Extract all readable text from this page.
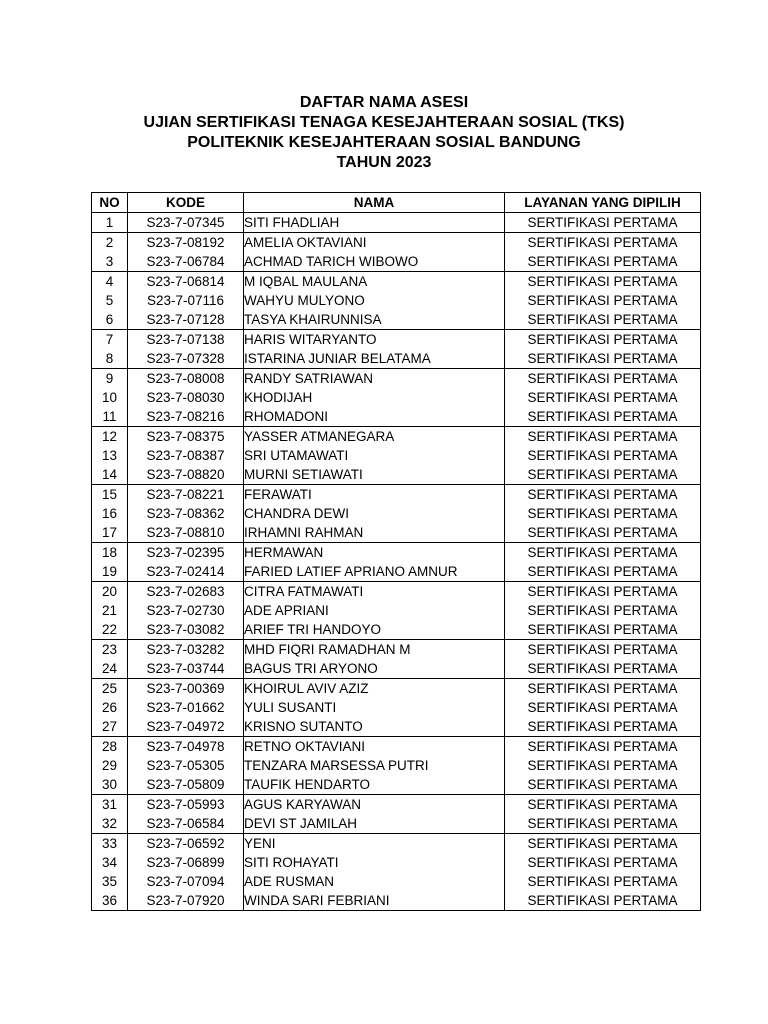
DAFTAR NAMA ASESI
UJIAN SERTIFIKASI TENAGA KESEJAHTERAAN SOSIAL (TKS)
POLITEKNIK KESEJAHTERAAN SOSIAL BANDUNG
TAHUN 2023
NO	KODE	NAMA	LAYANAN YANG DIPILIH
1	S23-7-07345	SITI FHADLIAH	SERTIFIKASI PERTAMA
2	S23-7-08192	AMELIA OKTAVIANI	SERTIFIKASI PERTAMA
3	S23-7-06784	ACHMAD TARICH WIBOWO	SERTIFIKASI PERTAMA
4	S23-7-06814	M IQBAL MAULANA	SERTIFIKASI PERTAMA
5	S23-7-07116	WAHYU MULYONO	SERTIFIKASI PERTAMA
6	S23-7-07128	TASYA KHAIRUNNISA	SERTIFIKASI PERTAMA
7	S23-7-07138	HARIS WITARYANTO	SERTIFIKASI PERTAMA
8	S23-7-07328	ISTARINA JUNIAR BELATAMA	SERTIFIKASI PERTAMA
9	S23-7-08008	RANDY SATRIAWAN	SERTIFIKASI PERTAMA
10	S23-7-08030	KHODIJAH	SERTIFIKASI PERTAMA
11	S23-7-08216	RHOMADONI	SERTIFIKASI PERTAMA
12	S23-7-08375	YASSER ATMANEGARA	SERTIFIKASI PERTAMA
13	S23-7-08387	SRI UTAMAWATI	SERTIFIKASI PERTAMA
14	S23-7-08820	MURNI SETIAWATI	SERTIFIKASI PERTAMA
15	S23-7-08221	FERAWATI	SERTIFIKASI PERTAMA
16	S23-7-08362	CHANDRA DEWI	SERTIFIKASI PERTAMA
17	S23-7-08810	IRHAMNI RAHMAN	SERTIFIKASI PERTAMA
18	S23-7-02395	HERMAWAN	SERTIFIKASI PERTAMA
19	S23-7-02414	FARIED LATIEF APRIANO AMNUR	SERTIFIKASI PERTAMA
20	S23-7-02683	CITRA FATMAWATI	SERTIFIKASI PERTAMA
21	S23-7-02730	ADE APRIANI	SERTIFIKASI PERTAMA
22	S23-7-03082	ARIEF TRI HANDOYO	SERTIFIKASI PERTAMA
23	S23-7-03282	MHD FIQRI RAMADHAN M	SERTIFIKASI PERTAMA
24	S23-7-03744	BAGUS TRI ARYONO	SERTIFIKASI PERTAMA
25	S23-7-00369	KHOIRUL AVIV AZIZ	SERTIFIKASI PERTAMA
26	S23-7-01662	YULI SUSANTI	SERTIFIKASI PERTAMA
27	S23-7-04972	KRISNO SUTANTO	SERTIFIKASI PERTAMA
28	S23-7-04978	RETNO OKTAVIANI	SERTIFIKASI PERTAMA
29	S23-7-05305	TENZARA MARSESSA PUTRI	SERTIFIKASI PERTAMA
30	S23-7-05809	TAUFIK HENDARTO	SERTIFIKASI PERTAMA
31	S23-7-05993	AGUS KARYAWAN	SERTIFIKASI PERTAMA
32	S23-7-06584	DEVI ST JAMILAH	SERTIFIKASI PERTAMA
33	S23-7-06592	YENI	SERTIFIKASI PERTAMA
34	S23-7-06899	SITI ROHAYATI	SERTIFIKASI PERTAMA
35	S23-7-07094	ADE RUSMAN	SERTIFIKASI PERTAMA
36	S23-7-07920	WINDA SARI FEBRIANI	SERTIFIKASI PERTAMA
